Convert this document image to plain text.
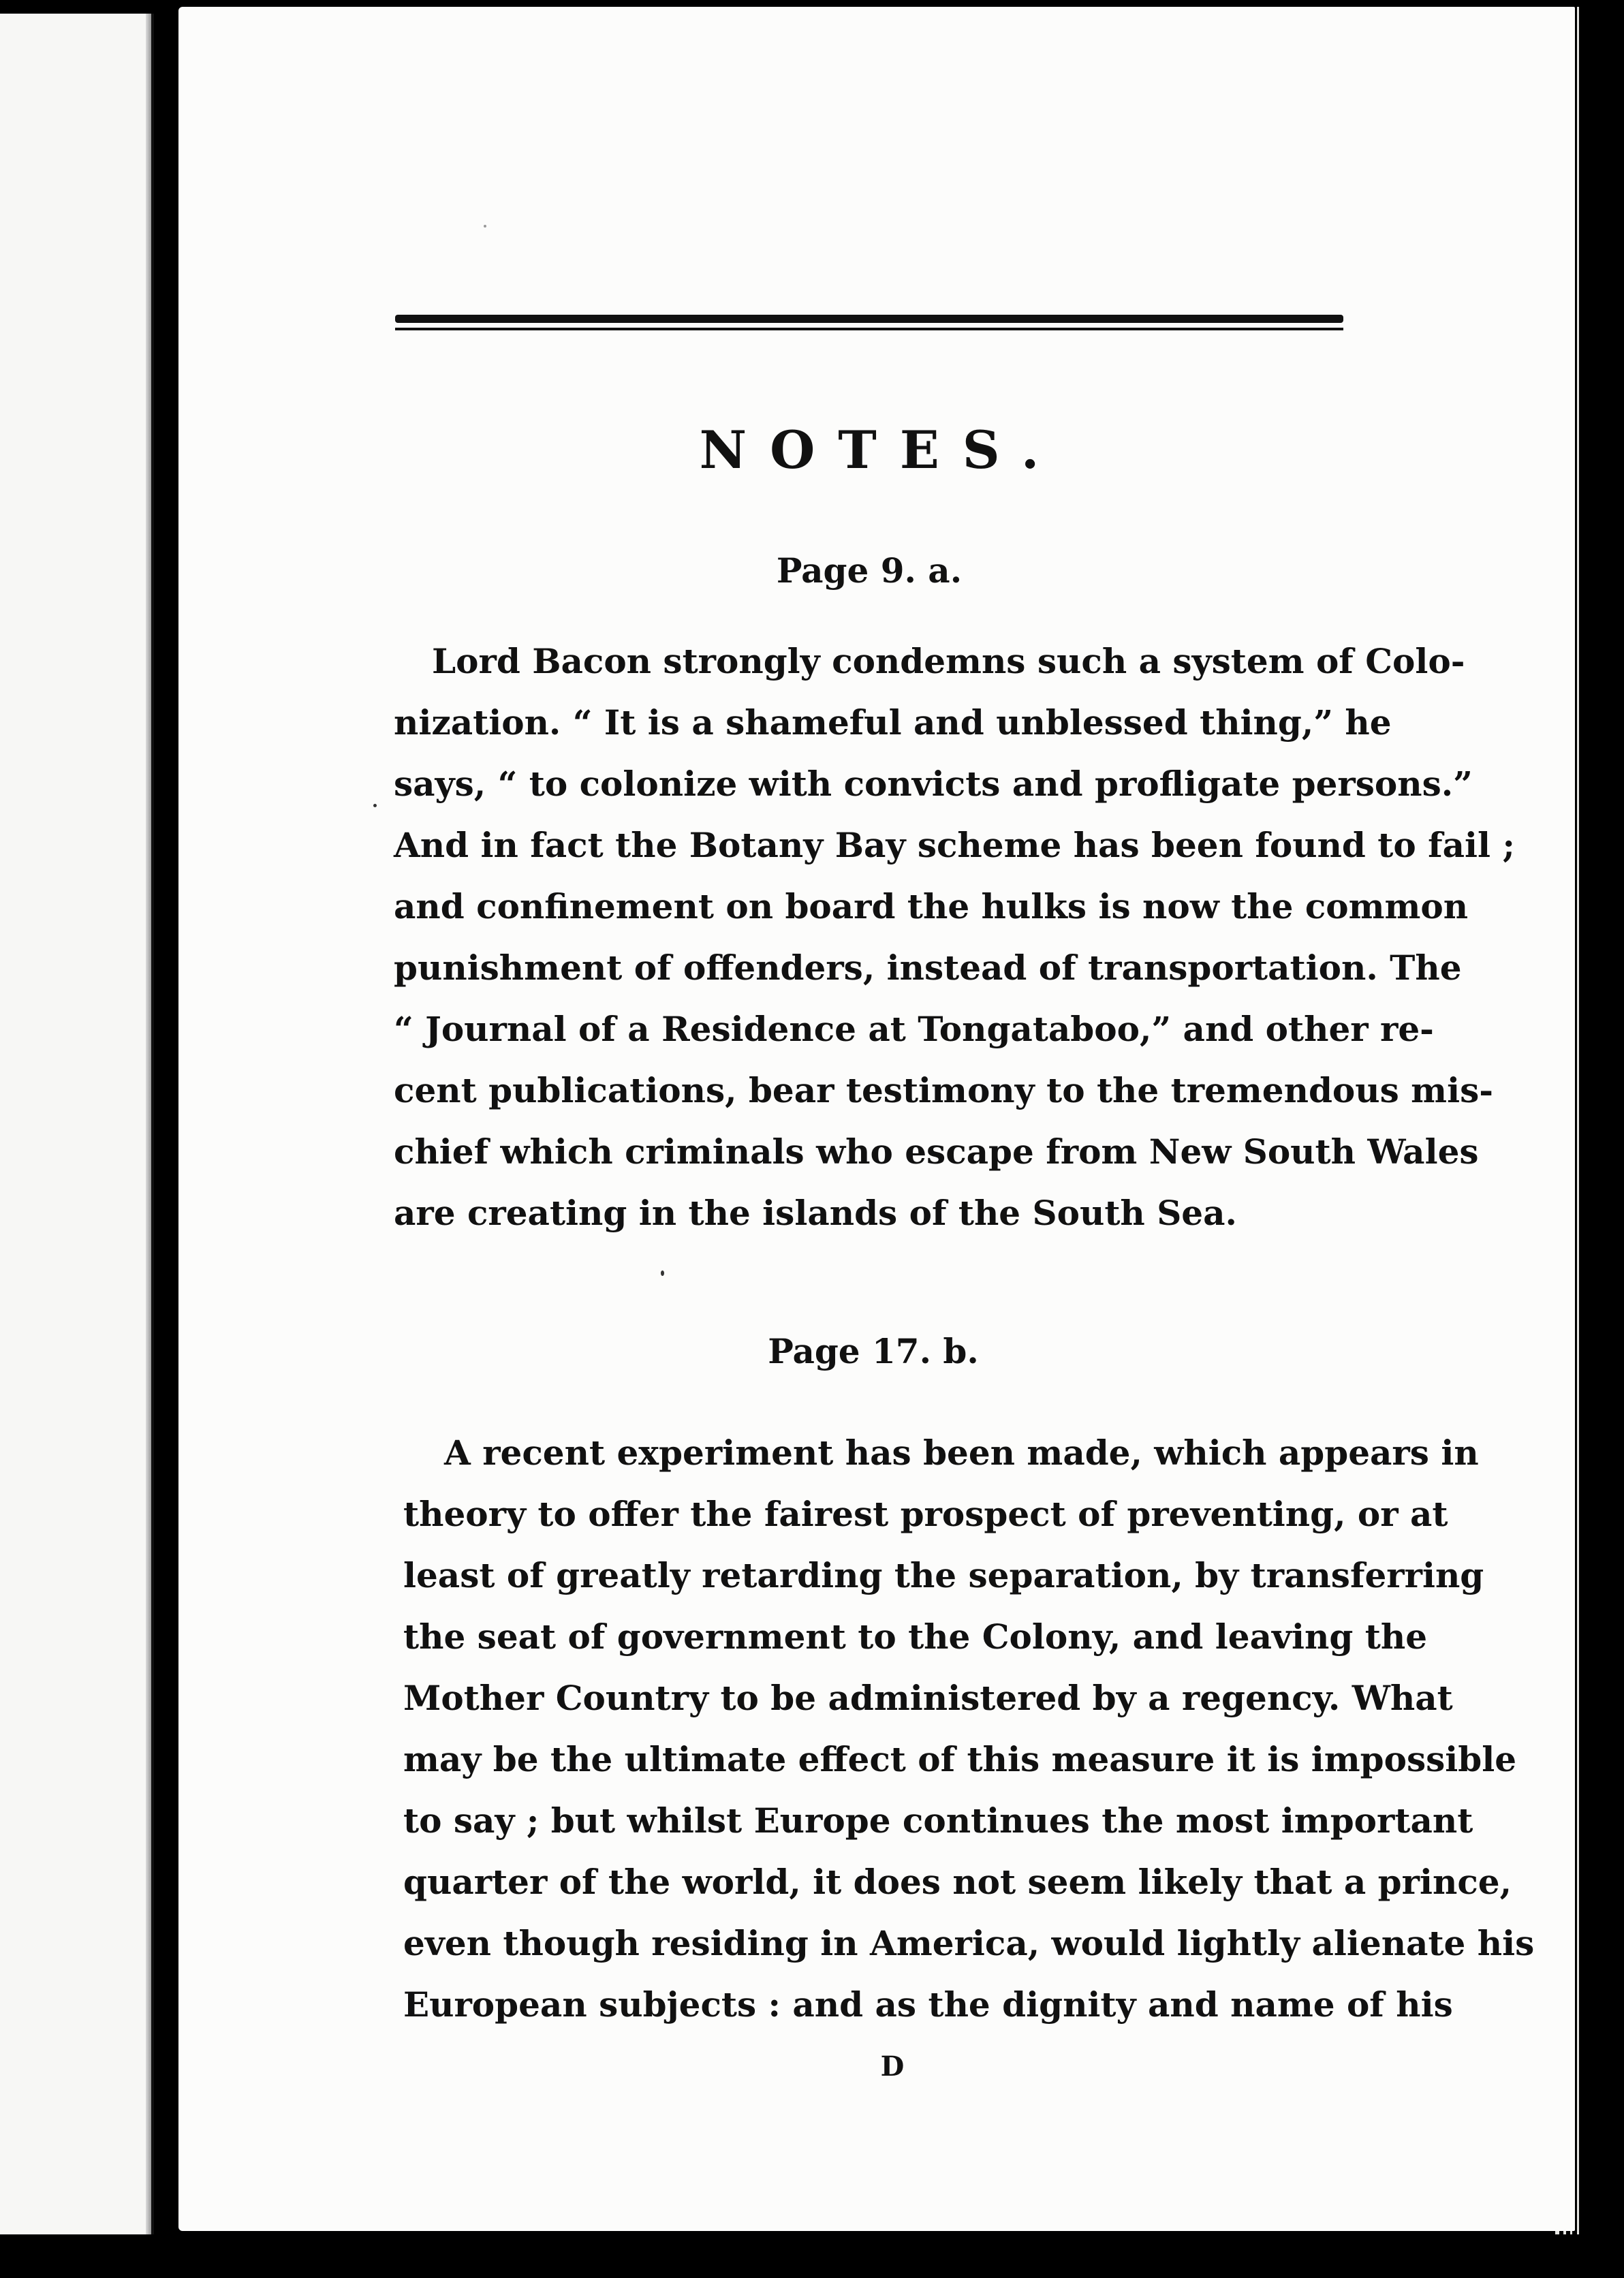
NOTES.
Page 9. a.
Lord Bacon strongly condemns such a system of Colo-
nization. “ It is a shameful and unblessed thing,” he
says, “ to colonize with convicts and profligate persons.”
And in fact the Botany Bay scheme has been found to fail ;
and confinement on board the hulks is now the common
punishment of offenders, instead of transportation. The
“ Journal of a Residence at Tongataboo,” and other re-
cent publications, bear testimony to the tremendous mis-
chief which criminals who escape from New South Wales
are creating in the islands of the South Sea.
Page 17. b.
A recent experiment has been made, which appears in
theory to offer the fairest prospect of preventing, or at
least of greatly retarding the separation, by transferring
the seat of government to the Colony, and leaving the
Mother Country to be administered by a regency. What
may be the ultimate effect of this measure it is impossible
to say ; but whilst Europe continues the most important
quarter of the world, it does not seem likely that a prince,
even though residing in America, would lightly alienate his
European subjects : and as the dignity and name of his
D
